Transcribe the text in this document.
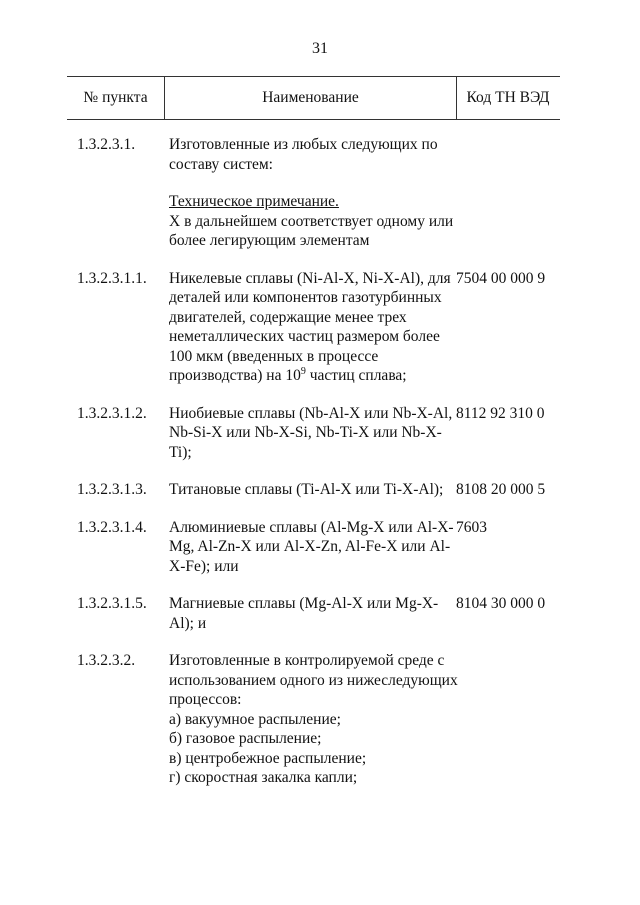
31
№ пункта	Наименование	Код ТН ВЭД
1.3.2.3.1. Изготовленные из любых следующих по составу систем:

Техническое примечание.

X в дальнейшем соответствует одному или более легирующим элементам

1.3.2.3.1.1. Никелевые сплавы (Ni-Al-X, Ni-X-Al), для деталей или компонентов газотурбинных двигателей, содержащие менее трех неметаллических частиц размером более 100 мкм (введенных в процессе производства) на $10^9$ частиц сплава;
7504 00 000 9
1.3.2.3.1.2. Ниобиевые сплавы (Nb-Al-X или Nb-X-Al, Nb-Si-X или Nb-X-Si, Nb-Ti-X или Nb-X-Ti);
8112 92 310 0
1.3.2.3.1.3. Титановые сплавы (Ti-Al-X или Ti-X-Al); 8108 20 000 5
1.3.2.3.1.4. Алюминиевые сплавы (Al-Mg-X или Al-X-Mg, Al-Zn-X или Al-X-Zn, Al-Fe-X или Al-X-Fe); или
7603
1.3.2.3.1.5. Магниевые сплавы (Mg-Al-X или Mg-X-Al); и
8104 30 000 0
1.3.2.3.2. Изготовленные в контролируемой среде с использованием одного из нижеследующих процессов:

а) вакуумное распыление;

б) газовое распыление;

в) центробежное распыление;

г) скоростная закалка капли;
